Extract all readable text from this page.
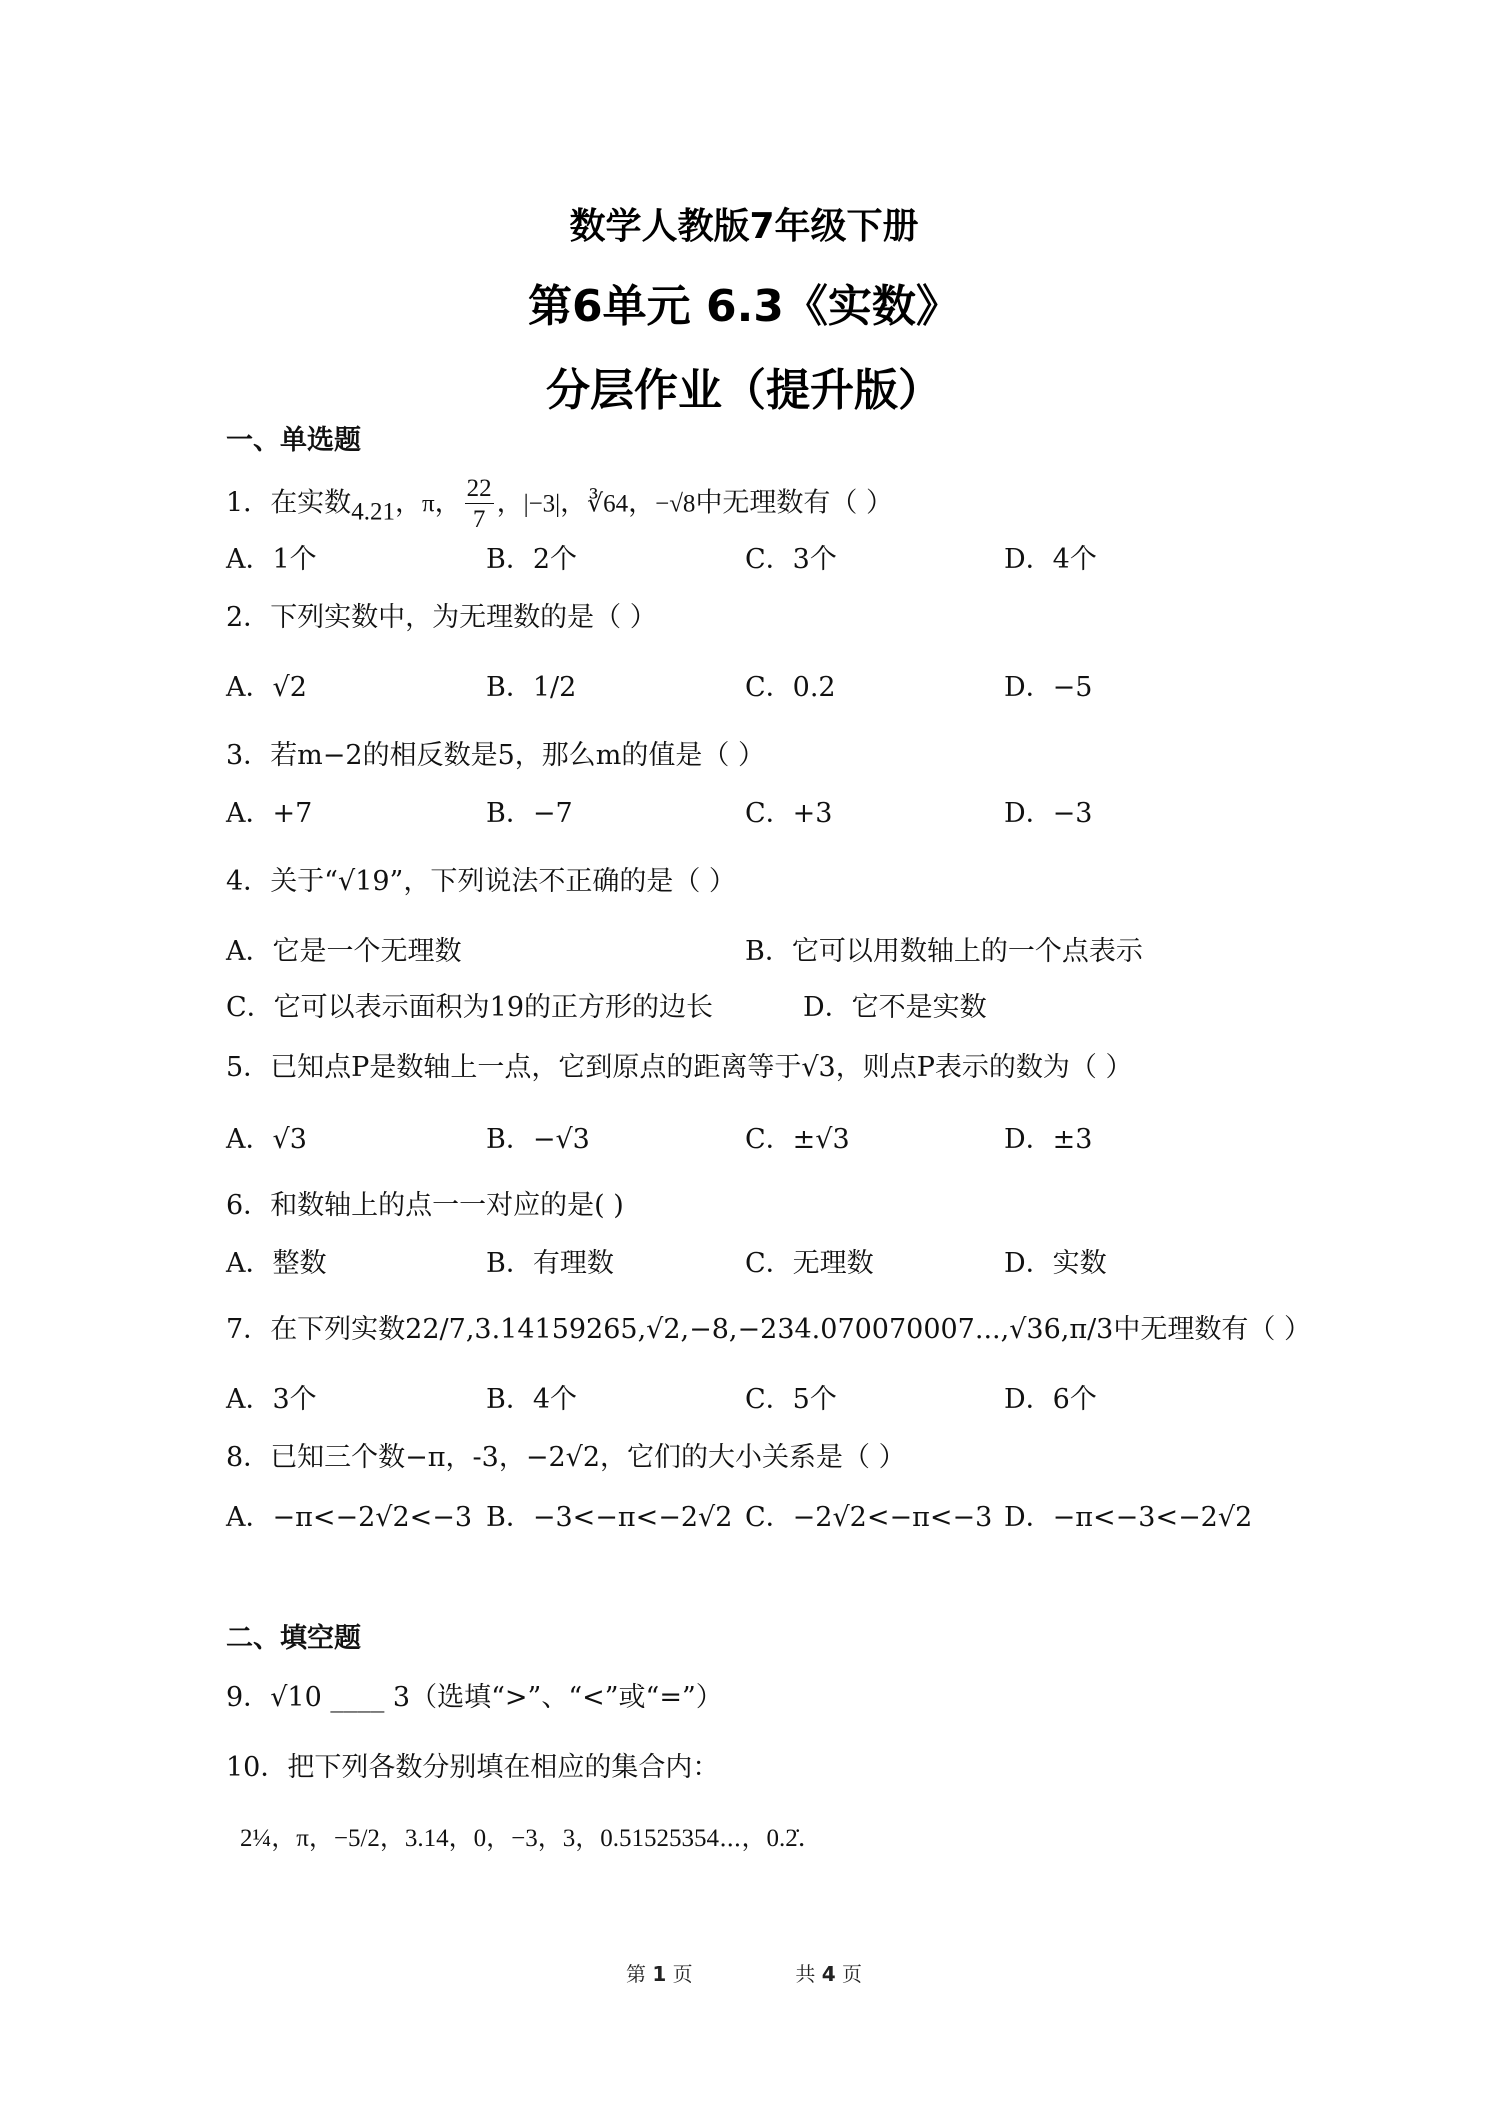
数学人教版7年级下册
第6单元 6.3《实数》
分层作业（提升版）
一、单选题
1．在实数4.21，π， $\frac{22}{7}$ ，|−3|，∛64，−√8中无理数有（ ）
A．1个	B．2个	C．3个	D．4个
2．下列实数中，为无理数的是（ ）
A．√2	B．1/2	C．0.2	D．−5
3．若m−2的相反数是5，那么m的值是（ ）
A．+7	B．−7	C．+3	D．−3
4．关于“√19”，下列说法不正确的是（ ）
A．它是一个无理数	B．它可以用数轴上的一个点表示
C．它可以表示面积为19的正方形的边长	D．它不是实数
5．已知点P是数轴上一点，它到原点的距离等于√3，则点P表示的数为（ ）
A．√3	B．−√3	C．±√3	D．±3
6．和数轴上的点一一对应的是( )
A．整数	B．有理数	C．无理数	D．实数
7．在下列实数22/7,3.14159265,√2,−8,−234.070070007...,√36,π/3中无理数有（ ）
A．3个	B．4个	C．5个	D．6个
8．已知三个数−π，-3，−2√2，它们的大小关系是（ ）
A．−π<−2√2<−3 B．−3<−π<−2√2 C．−2√2<−π<−3 D．−π<−3<−2√2
二、填空题
9．√10 ____ 3（选填“>”、“<”或“=”）
10．把下列各数分别填在相应的集合内：
2¼，π，−5/2，3.14，0，−3，3，0.51525354⋯，0.2̇．
第 1 页	共 4 页
